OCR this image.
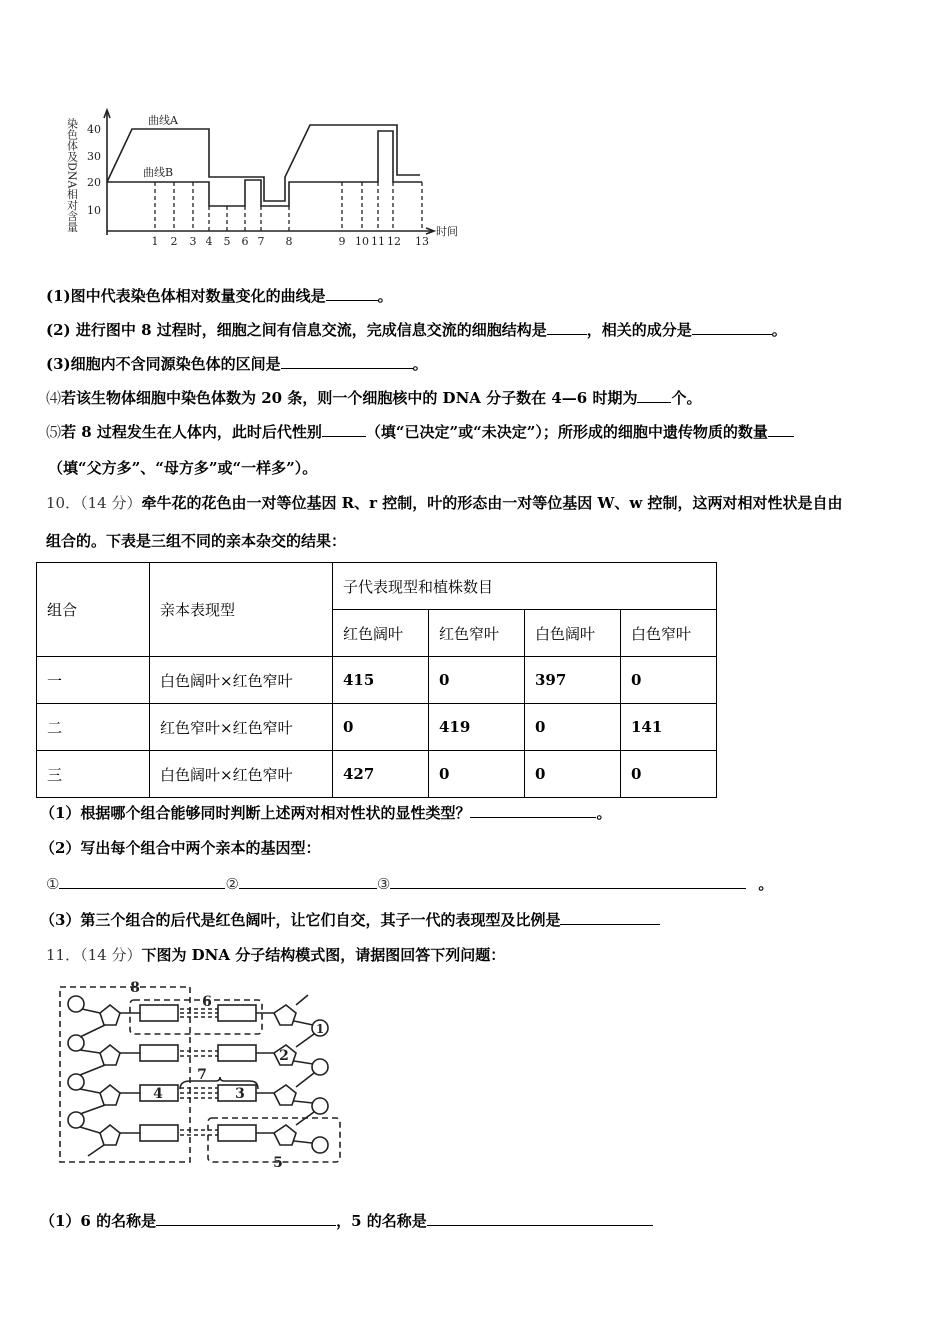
染色体及DNA相对含量 40
30
20
10
曲线A
曲线B
1 2 3 4 5 6 7 8	9 10 11 12 13
时间
(1)图中代表染色体相对数量变化的曲线是	。
(2) 进行图中 8 过程时，细胞之间有信息交流，完成信息交流的细胞结构是	，相关的成分是	。
(3)细胞内不含同源染色体的区间是	。
⑷若该生物体细胞中染色体数为 20 条，则一个细胞核中的 DNA 分子数在 4—6 时期为 个。
⑸若 8 过程发生在人体内，此时后代性别	（填“已决定”或“未决定”）；所形成的细胞中遗传物质的数量
（填“父方多”、“母方多”或“一样多”）。
10．（14 分）牵牛花的花色由一对等位基因 R、r 控制，叶的形态由一对等位基因 W、w 控制，这两对相对性状是自由
组合的。下表是三组不同的亲本杂交的结果：
组合	亲本表现型	子代表现型和植株数目			
		红色阔叶	红色窄叶	白色阔叶	白色窄叶
一	白色阔叶×红色窄叶	415	0	397	0
二	红色窄叶×红色窄叶	0	419	0	141
三	白色阔叶×红色窄叶	427	0	0	0
（1）根据哪个组合能够同时判断上述两对相对性状的显性类型？	。
（2）写出每个组合中两个亲本的基因型：
①	②	③	。
（3）第三个组合的后代是红色阔叶，让它们自交，其子一代的表现型及比例是
11．（14 分）下图为 DNA 分子结构模式图，请据图回答下列问题：
1
2
3
4
5
6
7
8
（1）6 的名称是	，5 的名称是
